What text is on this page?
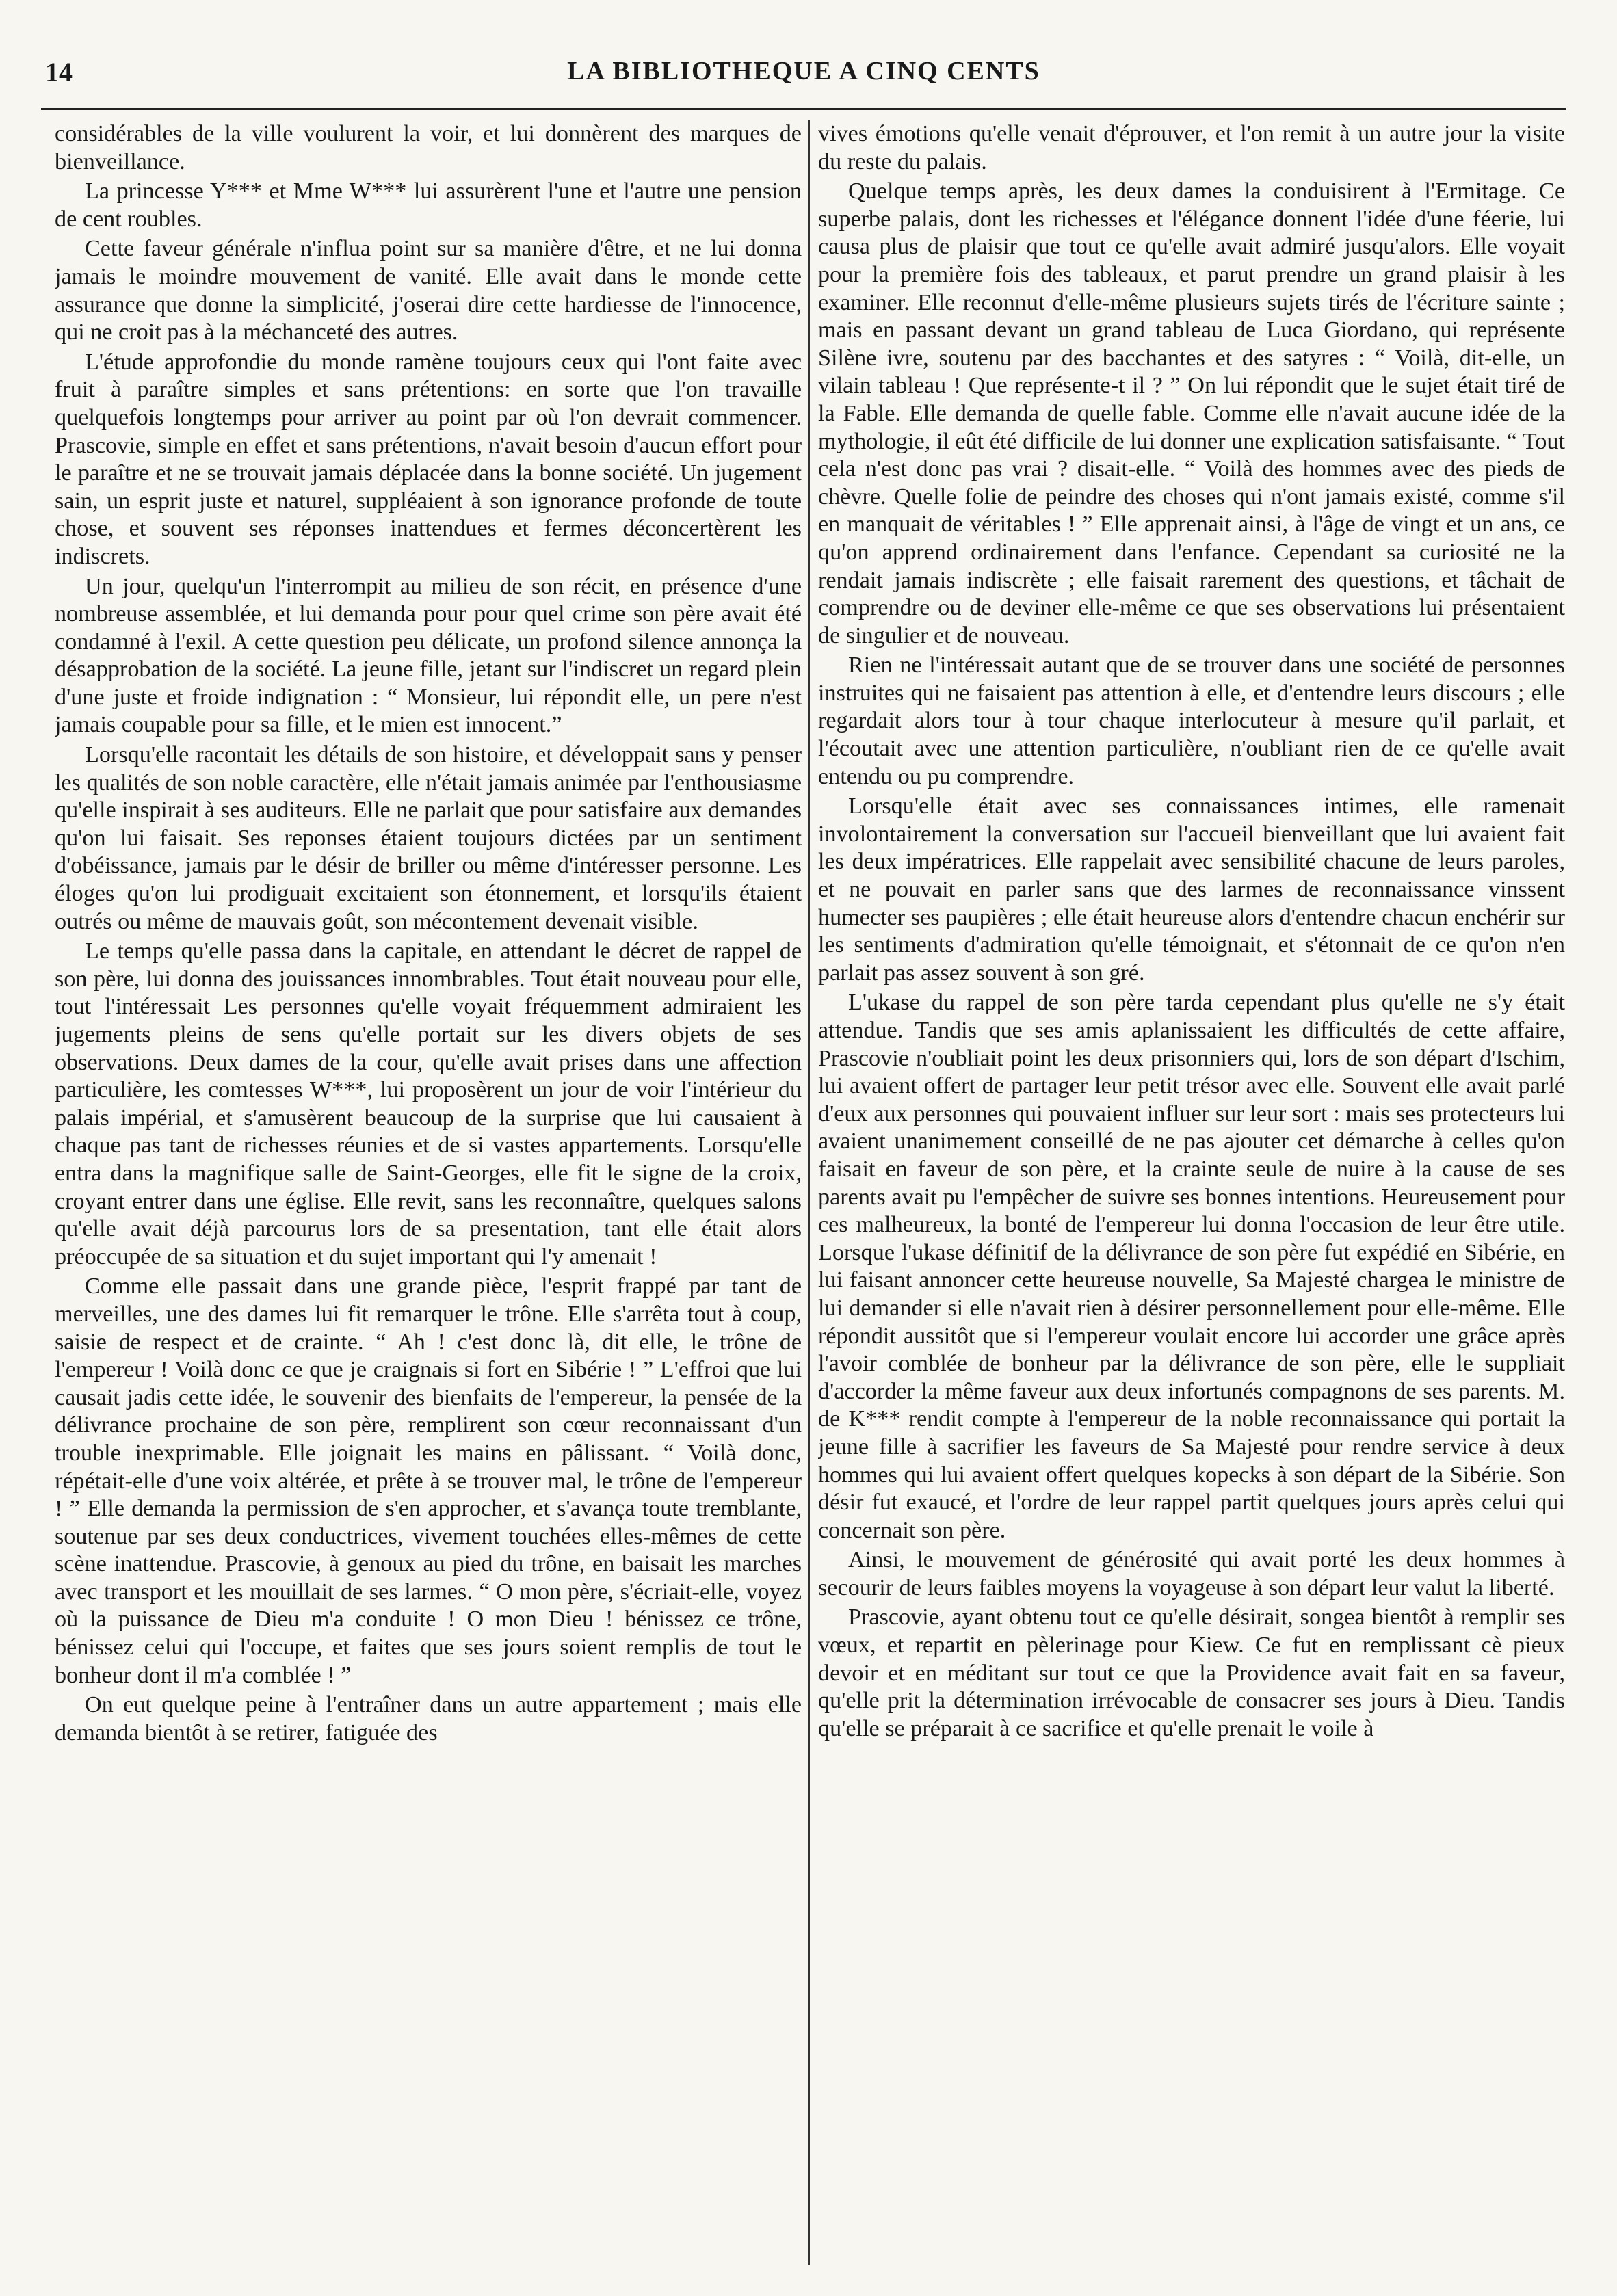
14	LA BIBLIOTHEQUE A CINQ CENTS

considérables de la ville voulurent la voir, et lui donnèrent des marques de bienveillance.

La princesse Y*** et Mme W*** lui assurèrent l'une et l'autre une pension de cent roubles.

Cette faveur générale n'influa point sur sa manière d'être, et ne lui donna jamais le moindre mouvement de vanité. Elle avait dans le monde cette assurance que donne la simplicité, j'oserai dire cette hardiesse de l'innocence, qui ne croit pas à la méchanceté des autres.

L'étude approfondie du monde ramène toujours ceux qui l'ont faite avec fruit à paraître simples et sans prétentions: en sorte que l'on travaille quelquefois longtemps pour arriver au point par où l'on devrait commencer. Prascovie, simple en effet et sans prétentions, n'avait besoin d'aucun effort pour le paraître et ne se trouvait jamais déplacée dans la bonne société. Un jugement sain, un esprit juste et naturel, suppléaient à son ignorance profonde de toute chose, et souvent ses réponses inattendues et fermes déconcertèrent les indiscrets.

Un jour, quelqu'un l'interrompit au milieu de son récit, en présence d'une nombreuse assemblée, et lui demanda pour pour quel crime son père avait été condamné à l'exil. A cette question peu délicate, un profond silence annonça la désapprobation de la société. La jeune fille, jetant sur l'indiscret un regard plein d'une juste et froide indignation : “ Monsieur, lui répondit elle, un pere n'est jamais coupable pour sa fille, et le mien est innocent.”

Lorsqu'elle racontait les détails de son histoire, et développait sans y penser les qualités de son noble caractère, elle n'était jamais animée par l'enthousiasme qu'elle inspirait à ses auditeurs. Elle ne parlait que pour satisfaire aux demandes qu'on lui faisait. Ses reponses étaient toujours dictées par un sentiment d'obéissance, jamais par le désir de briller ou même d'intéresser personne. Les éloges qu'on lui prodiguait excitaient son étonnement, et lorsqu'ils étaient outrés ou même de mauvais goût, son mécontement devenait visible.

Le temps qu'elle passa dans la capitale, en attendant le décret de rappel de son père, lui donna des jouissances innombrables. Tout était nouveau pour elle, tout l'intéressait Les personnes qu'elle voyait fréquemment admiraient les jugements pleins de sens qu'elle portait sur les divers objets de ses observations. Deux dames de la cour, qu'elle avait prises dans une affection particulière, les comtesses W***, lui proposèrent un jour de voir l'intérieur du palais impérial, et s'amusèrent beaucoup de la surprise que lui causaient à chaque pas tant de richesses réunies et de si vastes appartements. Lorsqu'elle entra dans la magnifique salle de Saint-Georges, elle fit le signe de la croix, croyant entrer dans une église. Elle revit, sans les reconnaître, quelques salons qu'elle avait déjà parcourus lors de sa presentation, tant elle était alors préoccupée de sa situation et du sujet important qui l'y amenait !

Comme elle passait dans une grande pièce, l'esprit frappé par tant de merveilles, une des dames lui fit remarquer le trône. Elle s'arrêta tout à coup, saisie de respect et de crainte. “ Ah ! c'est donc là, dit elle, le trône de l'empereur ! Voilà donc ce que je craignais si fort en Sibérie ! ” L'effroi que lui causait jadis cette idée, le souvenir des bienfaits de l'empereur, la pensée de la délivrance prochaine de son père, remplirent son cœur reconnaissant d'un trouble inexprimable. Elle joignait les mains en pâlissant. “ Voilà donc, répétait-elle d'une voix altérée, et prête à se trouver mal, le trône de l'empereur ! ” Elle demanda la permission de s'en approcher, et s'avança toute tremblante, soutenue par ses deux conductrices, vivement touchées elles-mêmes de cette scène inattendue. Prascovie, à genoux au pied du trône, en baisait les marches avec transport et les mouillait de ses larmes. “ O mon père, s'écriait-elle, voyez où la puissance de Dieu m'a conduite ! O mon Dieu ! bénissez ce trône, bénissez celui qui l'occupe, et faites que ses jours soient remplis de tout le bonheur dont il m'a comblée ! ”

On eut quelque peine à l'entraîner dans un autre appartement ; mais elle demanda bientôt à se retirer, fatiguée des

vives émotions qu'elle venait d'éprouver, et l'on remit à un autre jour la visite du reste du palais.

Quelque temps après, les deux dames la conduisirent à l'Ermitage. Ce superbe palais, dont les richesses et l'élégance donnent l'idée d'une féerie, lui causa plus de plaisir que tout ce qu'elle avait admiré jusqu'alors. Elle voyait pour la première fois des tableaux, et parut prendre un grand plaisir à les examiner. Elle reconnut d'elle-même plusieurs sujets tirés de l'écriture sainte ; mais en passant devant un grand tableau de Luca Giordano, qui représente Silène ivre, soutenu par des bacchantes et des satyres : “ Voilà, dit-elle, un vilain tableau ! Que représente-t il ? ” On lui répondit que le sujet était tiré de la Fable. Elle demanda de quelle fable. Comme elle n'avait aucune idée de la mythologie, il eût été difficile de lui donner une explication satisfaisante. “ Tout cela n'est donc pas vrai ? disait-elle. “ Voilà des hommes avec des pieds de chèvre. Quelle folie de peindre des choses qui n'ont jamais existé, comme s'il en manquait de véritables ! ” Elle apprenait ainsi, à l'âge de vingt et un ans, ce qu'on apprend ordinairement dans l'enfance. Cependant sa curiosité ne la rendait jamais indiscrète ; elle faisait rarement des questions, et tâchait de comprendre ou de deviner elle-même ce que ses observations lui présentaient de singulier et de nouveau.

Rien ne l'intéressait autant que de se trouver dans une société de personnes instruites qui ne faisaient pas attention à elle, et d'entendre leurs discours ; elle regardait alors tour à tour chaque interlocuteur à mesure qu'il parlait, et l'écoutait avec une attention particulière, n'oubliant rien de ce qu'elle avait entendu ou pu comprendre.

Lorsqu'elle était avec ses connaissances intimes, elle ramenait involontairement la conversation sur l'accueil bienveillant que lui avaient fait les deux impératrices. Elle rappelait avec sensibilité chacune de leurs paroles, et ne pouvait en parler sans que des larmes de reconnaissance vinssent humecter ses paupières ; elle était heureuse alors d'entendre chacun enchérir sur les sentiments d'admiration qu'elle témoignait, et s'étonnait de ce qu'on n'en parlait pas assez souvent à son gré.

L'ukase du rappel de son père tarda cependant plus qu'elle ne s'y était attendue. Tandis que ses amis aplanissaient les difficultés de cette affaire, Prascovie n'oubliait point les deux prisonniers qui, lors de son départ d'Ischim, lui avaient offert de partager leur petit trésor avec elle. Souvent elle avait parlé d'eux aux personnes qui pouvaient influer sur leur sort : mais ses protecteurs lui avaient unanimement conseillé de ne pas ajouter cet démarche à celles qu'on faisait en faveur de son père, et la crainte seule de nuire à la cause de ses parents avait pu l'empêcher de suivre ses bonnes intentions. Heureusement pour ces malheureux, la bonté de l'empereur lui donna l'occasion de leur être utile. Lorsque l'ukase définitif de la délivrance de son père fut expédié en Sibérie, en lui faisant annoncer cette heureuse nouvelle, Sa Majesté chargea le ministre de lui demander si elle n'avait rien à désirer personnellement pour elle-même. Elle répondit aussitôt que si l'empereur voulait encore lui accorder une grâce après l'avoir comblée de bonheur par la délivrance de son père, elle le suppliait d'accorder la même faveur aux deux infortunés compagnons de ses parents. M. de K*** rendit compte à l'empereur de la noble reconnaissance qui portait la jeune fille à sacrifier les faveurs de Sa Majesté pour rendre service à deux hommes qui lui avaient offert quelques kopecks à son départ de la Sibérie. Son désir fut exaucé, et l'ordre de leur rappel partit quelques jours après celui qui concernait son père.

Ainsi, le mouvement de générosité qui avait porté les deux hommes à secourir de leurs faibles moyens la voyageuse à son départ leur valut la liberté.

Prascovie, ayant obtenu tout ce qu'elle désirait, songea bientôt à remplir ses vœux, et repartit en pèlerinage pour Kiew. Ce fut en remplissant cè pieux devoir et en méditant sur tout ce que la Providence avait fait en sa faveur, qu'elle prit la détermination irrévocable de consacrer ses jours à Dieu. Tandis qu'elle se préparait à ce sacrifice et qu'elle prenait le voile à
